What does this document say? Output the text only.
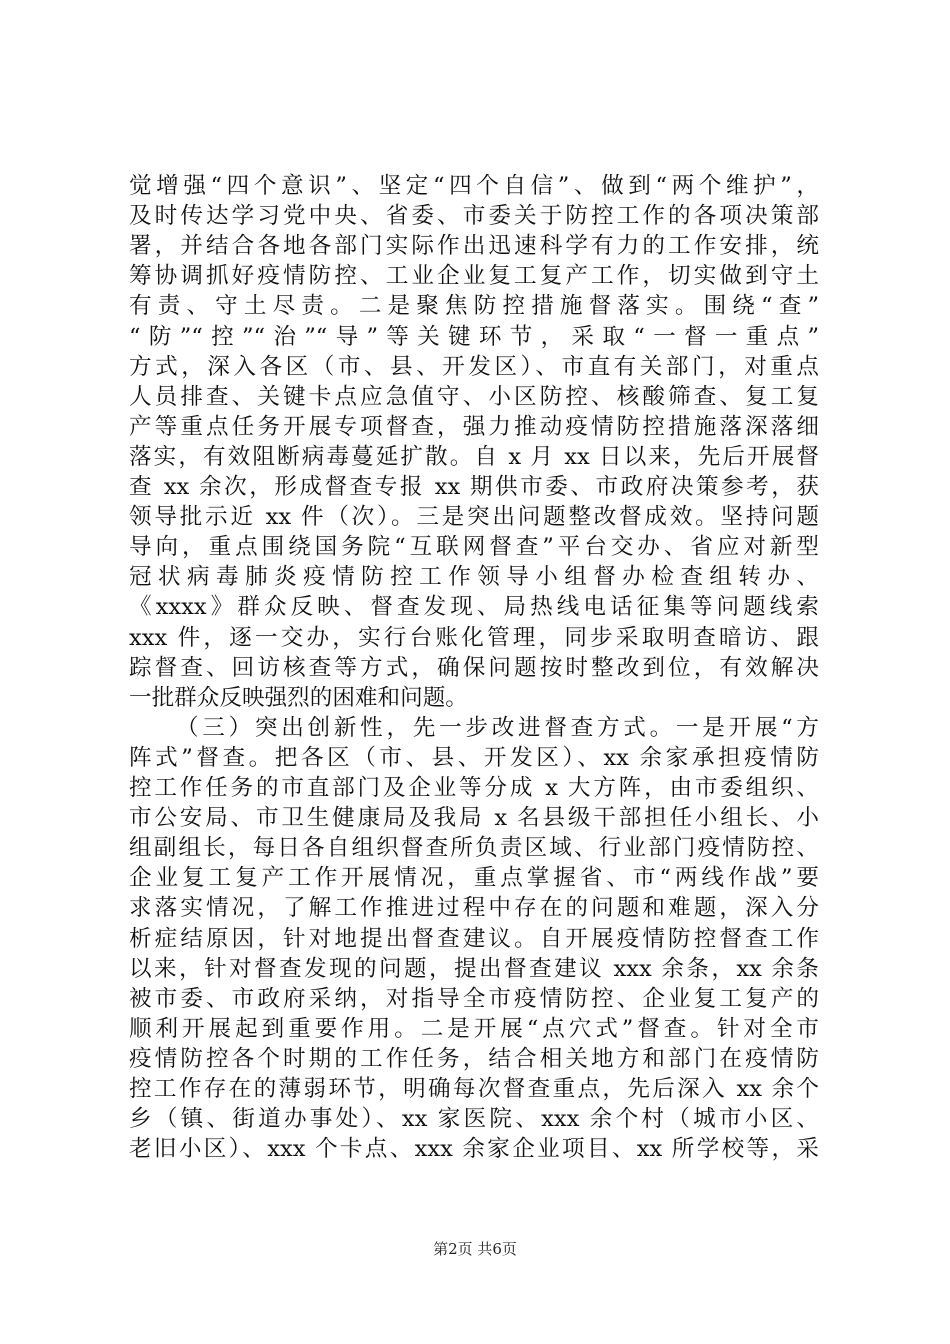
觉增强“四个意识”、坚定“四个自信”、做到“两个维护”，
及时传达学习党中央、省委、市委关于防控工作的各项决策部
署，并结合各地各部门实际作出迅速科学有力的工作安排，统
筹协调抓好疫情防控、工业企业复工复产工作，切实做到守土
有责、守土尽责。二是聚焦防控措施督落实。围绕“查”
“防”“控”“治”“导”等关键环节，采取“一督一重点”
方式，深入各区（市、县、开发区）、市直有关部门，对重点
人员排查、关键卡点应急值守、小区防控、核酸筛查、复工复
产等重点任务开展专项督查，强力推动疫情防控措施落深落细
落实，有效阻断病毒蔓延扩散。自 x 月 xx 日以来，先后开展督
查 xx 余次，形成督查专报 xx 期供市委、市政府决策参考，获
领导批示近 xx 件（次）。三是突出问题整改督成效。坚持问题
导向，重点围绕国务院“互联网督查”平台交办、省应对新型
冠状病毒肺炎疫情防控工作领导小组督办检查组转办、
《xxxx》群众反映、督查发现、局热线电话征集等问题线索
xxx 件，逐一交办，实行台账化管理，同步采取明查暗访、跟
踪督查、回访核查等方式，确保问题按时整改到位，有效解决
一批群众反映强烈的困难和问题。
（三）突出创新性，先一步改进督查方式。一是开展“方
阵式”督查。把各区（市、县、开发区）、xx 余家承担疫情防
控工作任务的市直部门及企业等分成 x 大方阵，由市委组织、
市公安局、市卫生健康局及我局 x 名县级干部担任小组长、小
组副组长，每日各自组织督查所负责区域、行业部门疫情防控、
企业复工复产工作开展情况，重点掌握省、市“两线作战”要
求落实情况，了解工作推进过程中存在的问题和难题，深入分
析症结原因，针对地提出督查建议。自开展疫情防控督查工作
以来，针对督查发现的问题，提出督查建议 xxx 余条，xx 余条
被市委、市政府采纳，对指导全市疫情防控、企业复工复产的
顺利开展起到重要作用。二是开展“点穴式”督查。针对全市
疫情防控各个时期的工作任务，结合相关地方和部门在疫情防
控工作存在的薄弱环节，明确每次督查重点，先后深入 xx 余个
乡（镇、街道办事处）、xx 家医院、xxx 余个村（城市小区、
老旧小区）、xxx 个卡点、xxx 余家企业项目、xx 所学校等，采
第2页 共6页
